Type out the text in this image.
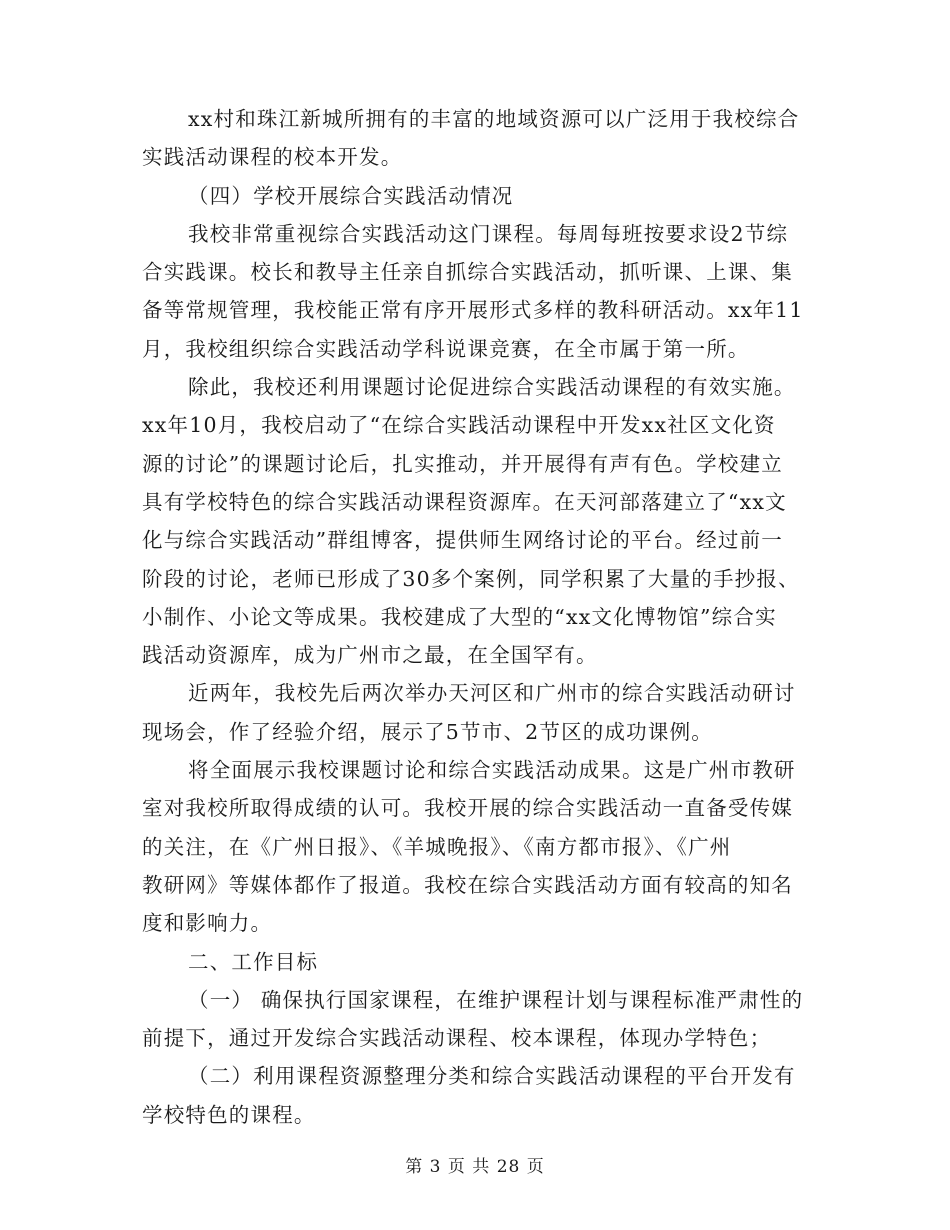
xx村和珠江新城所拥有的丰富的地域资源可以广泛用于我校综合
实践活动课程的校本开发。
（四）学校开展综合实践活动情况
我校非常重视综合实践活动这门课程。每周每班按要求设2节综
合实践课。校长和教导主任亲自抓综合实践活动，抓听课、上课、集
备等常规管理，我校能正常有序开展形式多样的教科研活动。xx年11
月，我校组织综合实践活动学科说课竞赛，在全市属于第一所。
除此，我校还利用课题讨论促进综合实践活动课程的有效实施。
xx年10月，我校启动了“在综合实践活动课程中开发xx社区文化资
源的讨论”的课题讨论后，扎实推动，并开展得有声有色。学校建立
具有学校特色的综合实践活动课程资源库。在天河部落建立了“xx文
化与综合实践活动”群组博客，提供师生网络讨论的平台。经过前一
阶段的讨论，老师已形成了30多个案例，同学积累了大量的手抄报、
小制作、小论文等成果。我校建成了大型的“xx文化博物馆”综合实
践活动资源库，成为广州市之最，在全国罕有。
近两年，我校先后两次举办天河区和广州市的综合实践活动研讨
现场会，作了经验介绍，展示了5节市、2节区的成功课例。
将全面展示我校课题讨论和综合实践活动成果。这是广州市教研
室对我校所取得成绩的认可。我校开展的综合实践活动一直备受传媒
的关注，在《广州日报》、《羊城晚报》、《南方都市报》、《广州
教研网》等媒体都作了报道。我校在综合实践活动方面有较高的知名
度和影响力。
二、工作目标
（一） 确保执行国家课程，在维护课程计划与课程标准严肃性的
前提下，通过开发综合实践活动课程、校本课程，体现办学特色；
（二）利用课程资源整理分类和综合实践活动课程的平台开发有
学校特色的课程。
第 3 页 共 28 页
